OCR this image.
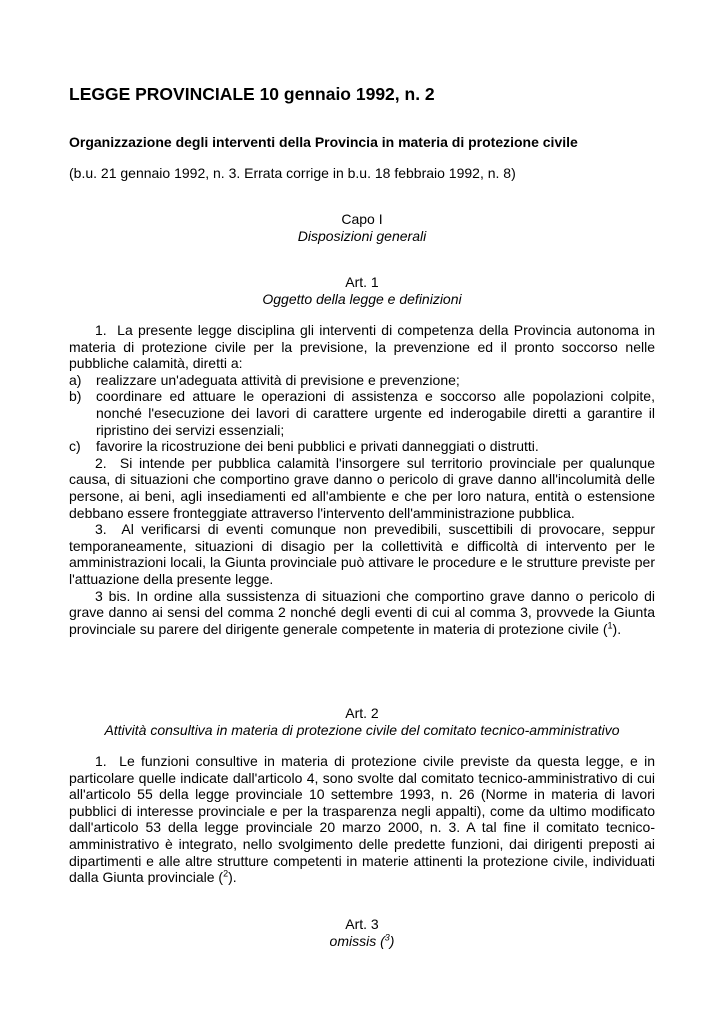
LEGGE PROVINCIALE 10 gennaio 1992, n. 2
Organizzazione degli interventi della Provincia in materia di protezione civile
(b.u. 21 gennaio 1992, n. 3. Errata corrige in b.u. 18 febbraio 1992, n. 8)
Capo I
Disposizioni generali
Art. 1
Oggetto della legge e definizioni

1.  La presente legge disciplina gli interventi di competenza della Provincia autonoma in materia di protezione civile per la previsione, la prevenzione ed il pronto soccorso nelle pubbliche calamità, diretti a:

a)	realizzare un'adeguata attività di previsione e prevenzione;
b)	coordinare ed attuare le operazioni di assistenza e soccorso alle popolazioni colpite, nonché l'esecuzione dei lavori di carattere urgente ed inderogabile diretti a garantire il ripristino dei servizi essenziali;
c)	favorire la ricostruzione dei beni pubblici e privati danneggiati o distrutti.

2.  Si intende per pubblica calamità l'insorgere sul territorio provinciale per qualunque causa, di situazioni che comportino grave danno o pericolo di grave danno all'incolumità delle persone, ai beni, agli insediamenti ed all'ambiente e che per loro natura, entità o estensione debbano essere fronteggiate attraverso l'intervento dell'amministrazione pubblica.

3.  Al verificarsi di eventi comunque non prevedibili, suscettibili di provocare, seppur temporaneamente, situazioni di disagio per la collettività e difficoltà di intervento per le amministrazioni locali, la Giunta provinciale può attivare le procedure e le strutture previste per l'attuazione della presente legge.

3 bis. In ordine alla sussistenza di situazioni che comportino grave danno o pericolo di grave danno ai sensi del comma 2 nonché degli eventi di cui al comma 3, provvede la Giunta provinciale su parere del dirigente generale competente in materia di protezione civile ($^1$).

Art. 2
Attività consultiva in materia di protezione civile del comitato tecnico-amministrativo

1.  Le funzioni consultive in materia di protezione civile previste da questa legge, e in particolare quelle indicate dall'articolo 4, sono svolte dal comitato tecnico-amministrativo di cui all'articolo 55 della legge provinciale 10 settembre 1993, n. 26 (Norme in materia di lavori pubblici di interesse provinciale e per la trasparenza negli appalti), come da ultimo modificato dall'articolo 53 della legge provinciale 20 marzo 2000, n. 3. A tal fine il comitato tecnico-amministrativo è integrato, nello svolgimento delle predette funzioni, dai dirigenti preposti ai dipartimenti e alle altre strutture competenti in materie attinenti la protezione civile, individuati dalla Giunta provinciale ($^2$).

Art. 3
omissis ($^3$)
